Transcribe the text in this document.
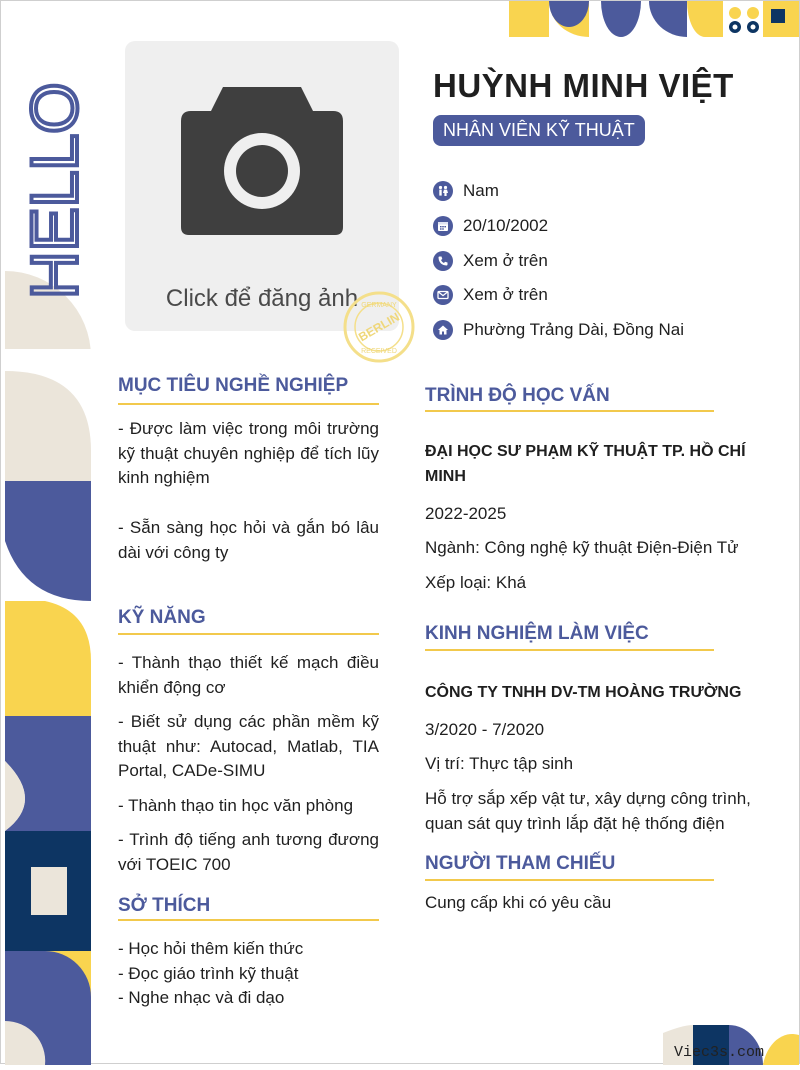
HELLO	Click để đăng ảnh GERMANY
BERLIN
RECEIVED
HUỲNH MINH VIỆT
NHÂN VIÊN KỸ THUẬT
Nam
20/10/2002
Xem ở trên
Xem ở trên
Phường Trảng Dài, Đồng Nai
MỤC TIÊU NGHỀ NGHIỆP
- Được làm việc trong môi trường kỹ thuật chuyên nghiệp để tích lũy kinh nghiệm
- Sẵn sàng học hỏi và gắn bó lâu dài với công ty
KỸ NĂNG
- Thành thạo thiết kế mạch điều khiển động cơ
- Biết sử dụng các phần mềm kỹ thuật như: Autocad, Matlab, TIA Portal, CADe-SIMU
- Thành thạo tin học văn phòng
- Trình độ tiếng anh tương đương với TOEIC 700
SỞ THÍCH
- Học hỏi thêm kiến thức
- Đọc giáo trình kỹ thuật
- Nghe nhạc và đi dạo
TRÌNH ĐỘ HỌC VẤN
ĐẠI HỌC SƯ PHẠM KỸ THUẬT TP. HỒ CHÍ MINH
2022-2025
Ngành: Công nghệ kỹ thuật Điện-Điện Tử
Xếp loại: Khá
KINH NGHIỆM LÀM VIỆC
CÔNG TY TNHH DV-TM HOÀNG TRƯỜNG
3/2020 - 7/2020
Vị trí: Thực tập sinh
Hỗ trợ sắp xếp vật tư, xây dựng công trình, quan sát quy trình lắp đặt hệ thống điện
NGƯỜI THAM CHIẾU
Cung cấp khi có yêu cầu
Viec3s.com
